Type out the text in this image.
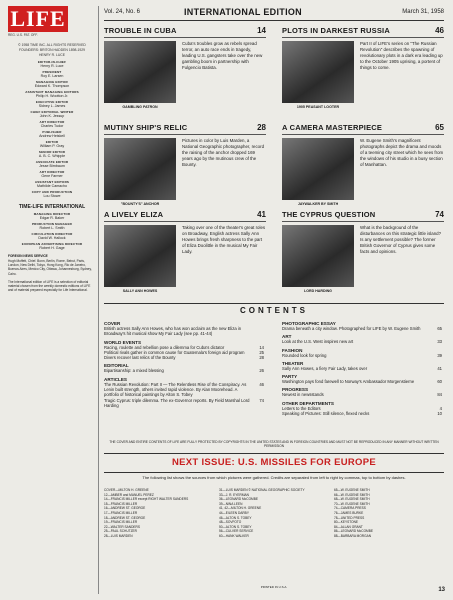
LIFE
REG. U.S. PAT. OFF.
© 1958 TIME INC. ALL RIGHTS RESERVED
FOUNDERS: BRITON HADDEN 1898-1929
HENRY R. LUCE
EDITOR-IN-CHIEF
Henry R. Luce
PRESIDENT
Roy E. Larsen
MANAGING EDITOR
Edward K. Thompson
ASSISTANT MANAGING EDITORS
Philip H. Wootton Jr.
EXECUTIVE EDITOR
Sidney L. James
CHIEF EDITORIAL WRITER
John K. Jessup
ART DIRECTOR
Charles Tudor
PUBLISHER
Andrew Heiskell
EDITOR
William P. Gray
SENIOR EDITOR
A. B. C. Whipple
ASSOCIATE EDITOR
Jesse Birnbaum
ART DIRECTOR
Gene Farmer
ASSISTANT EDITORS
Mathilde Camacho
COPY AND PRODUCTION
Lou Stowe
TIME-LIFE INTERNATIONAL
MANAGING DIRECTOR
Edgar R. Baker
PRODUCTION MANAGER
Robert L. Smith
CIRCULATION DIRECTOR
David W. Hallock
EUROPEAN ADVERTISING DIRECTOR
Robert H. Gage
FOREIGN NEWS SERVICE
Hugh Moffett, Chief. Bonn, Berlin, Rome, Beirut, Paris, London, New Delhi, Tokyo, Hong Kong, Rio de Janeiro, Buenos Aires, Mexico City, Ottawa, Johannesburg, Sydney, Cairo.
The International edition of LIFE is a selection of editorial material chosen from the weekly domestic editions of LIFE and of material prepared especially for Life International.
Vol. 24, No. 6	INTERNATIONAL EDITION	March 31, 1958
TROUBLE IN CUBA	14
GAMBLING PATRON
Cuba's troubles grow as rebels spread terror, an auto race ends in tragedy, leading U.S. gangsters take over the new gambling boom in partnership with Fulgencio Batista.
PLOTS IN DARKEST RUSSIA	46
1905 PEASANT LOOTER
Part II of LIFE's series on "The Russian Revolution" describes the spawning of revolutionary plots in a dark era leading up to the October 1905 uprising, a portent of things to come.
MUTINY SHIP'S RELIC	28
"BOUNTY'S" ANCHOR
Pictures in color by Luis Marden, a National Geographic photographer, record the raising of the anchor dropped 169 years ago by the mutinous crew of the Bounty.
A CAMERA MASTERPIECE	65
JAYWALKER BY SMITH
W. Eugene Smith's magnificent photographs depict the drama and moods of a teeming city street which he sees from the windows of his studio in a busy section of Manhattan.
A LIVELY ELIZA	41
SALLY ANN HOWES
Taking over one of the theater's great roles on Broadway, English actress Sally Ann Howes brings fresh sharpness to the part of Eliza Doolittle in the musical My Fair Lady.
THE CYPRUS QUESTION	74
LORD HARDING
What is the background of the disturbances on this strategic little island? Is any settlement possible? The former British Governor of Cyprus gives some facts and opinions.
CONTENTS
COVER
British actress Sally Ann Howes, who has won acclaim as the new Eliza in Broadway's hit musical show My Fair Lady (see pp. 41-44)
WORLD EVENTS
Racing, roulette and rebellion pose a dilemma for Cuba's dictator	14
Political rivals gather in common cause for Guatemala's foreign aid program	25
Divers recover last relics of the Bounty	28
EDITORIAL
Bipartisanship: a mixed blessing	26
ARTICLES
The Russian Revolution: Part II — The Relentless Rise of the Conspiracy. As Lenin built strength, others invited rapid violence. By Alan Moorehead. A portfolio of historical paintings by Alton S. Tobey
46
Tragic Cyprus: triple dilemma. The ex-Governor reports. By Field Marshal Lord Harding
74
PHOTOGRAPHIC ESSAY
Drama beneath a city window. Photographed for LIFE by W. Eugene Smith	65
ART
Look at the U.S. West inspires new art	33
FASHION
Rounded look for spring	39
THEATER
Sally Ann Howes, a fiery Fair Lady, takes over	41
PARTY
Washington pays fond farewell to Norway's Ambassador Morgenstierne	60
PROGRESS
Newest in newsstands	84
OTHER DEPARTMENTS
Letters to the Editors	4
Speaking of Pictures: Still silence, flexed necks	10
THE COVER AND ENTIRE CONTENTS OF LIFE ARE FULLY PROTECTED BY COPYRIGHTS IN THE UNITED STATES AND IN FOREIGN COUNTRIES AND MUST NOT BE REPRODUCED IN ANY MANNER WITHOUT WRITTEN PERMISSION
NEXT ISSUE: U.S. MISSILES FOR EUROPE
The following list shows the sources from which pictures were gathered. Credits are separated from left to right by commas, top to bottom by dashes.
COVER—MILTON H. GREENE
12—AMBER and MANUEL PEREZ
14—FRANCIS MILLER except RIGHT WALTER SANDERS
15—FRANCIS MILLER
16—ANDREW ST. GEORGE
17—FRANCIS MILLER
18—ANDREW ST. GEORGE
19—FRANCIS MILLER
22—WALTER SANDERS
25—PAUL SCHUTZER
28—LUIS MARDEN
31—LUIS MARDEN © NATIONAL GEOGRAPHIC SOCIETY
33—J. R. EYERMAN
36—LEONARD McCOMBE
39—NINA LEEN
41, 42—MILTON H. GREENE
44—EILEEN DARBY
46—ALTON S. TOBEY
48—SOVFOTO
50—ALTON S. TOBEY
56—CULVER SERVICE
60—HANK WALKER
65—W. EUGENE SMITH
66—W. EUGENE SMITH
68—W. EUGENE SMITH
70—W. EUGENE SMITH
74—CAMERA PRESS
76—JAMES BURKE
78—UNITED PRESS
80—KEYSTONE
84—ALLAN GRANT
86—LEONARD McCOMBE
88—BARBARA MORGAN
PRINTED IN U.S.A.	13
